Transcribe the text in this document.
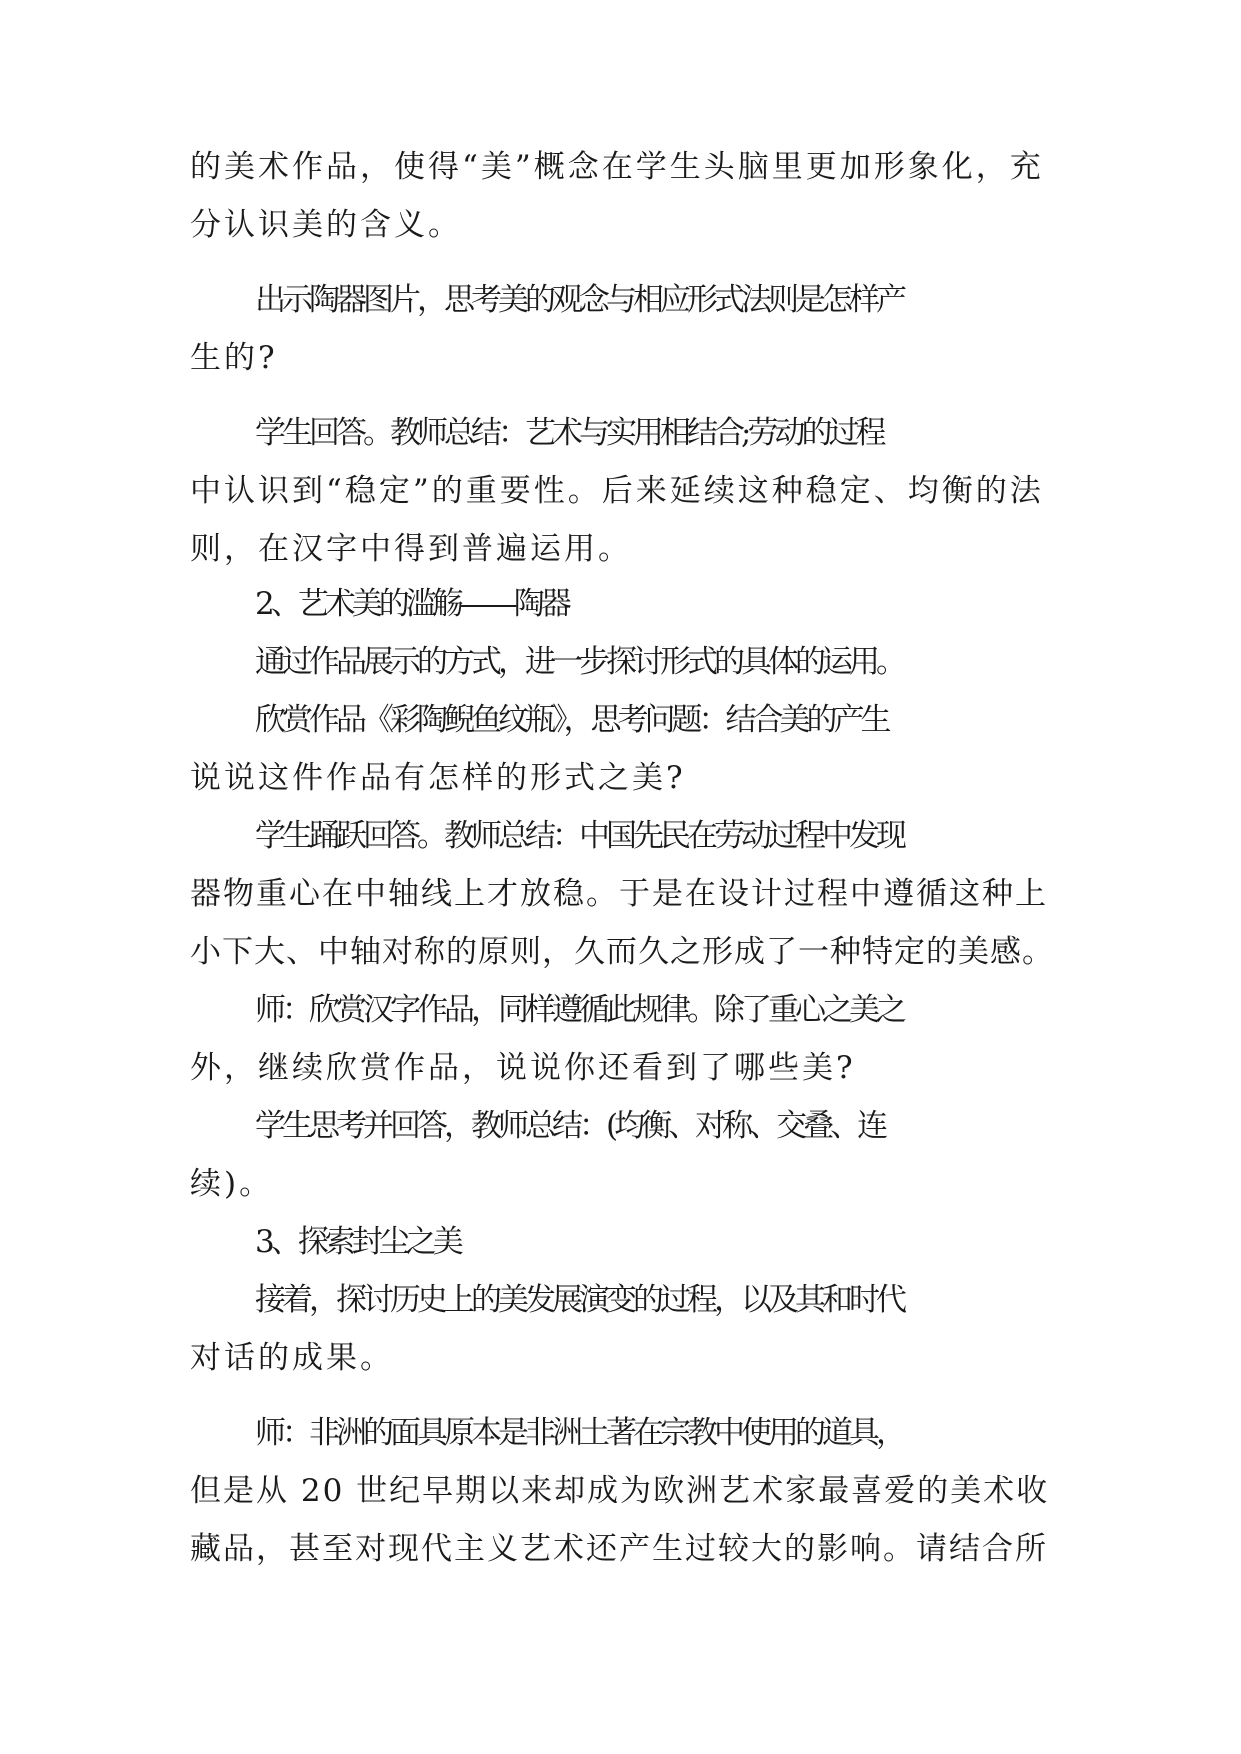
的美术作品，使得“美”概念在学生头脑里更加形象化，充
分认识美的含义。
出示陶器图片，思考美的观念与相应形式法则是怎样产
生的?
学生回答。教师总结：艺术与实用相结合;劳动的过程
中认识到“稳定”的重要性。后来延续这种稳定、均衡的法
则，在汉字中得到普遍运用。
2、艺术美的滥觞——陶器
通过作品展示的方式，进一步探讨形式的具体的运用。
欣赏作品《彩陶鲵鱼纹瓶》，思考问题：结合美的产生
说说这件作品有怎样的形式之美?
学生踊跃回答。教师总结：中国先民在劳动过程中发现
器物重心在中轴线上才放稳。于是在设计过程中遵循这种上
小下大、中轴对称的原则，久而久之形成了一种特定的美感。
师：欣赏汉字作品，同样遵循此规律。除了重心之美之
外，继续欣赏作品，说说你还看到了哪些美?
学生思考并回答，教师总结：(均衡、对称、交叠、连
续)。
3、探索封尘之美
接着，探讨历史上的美发展演变的过程，以及其和时代
对话的成果。
师：非洲的面具原本是非洲土著在宗教中使用的道具，
但是从 20 世纪早期以来却成为欧洲艺术家最喜爱的美术收
藏品，甚至对现代主义艺术还产生过较大的影响。请结合所
